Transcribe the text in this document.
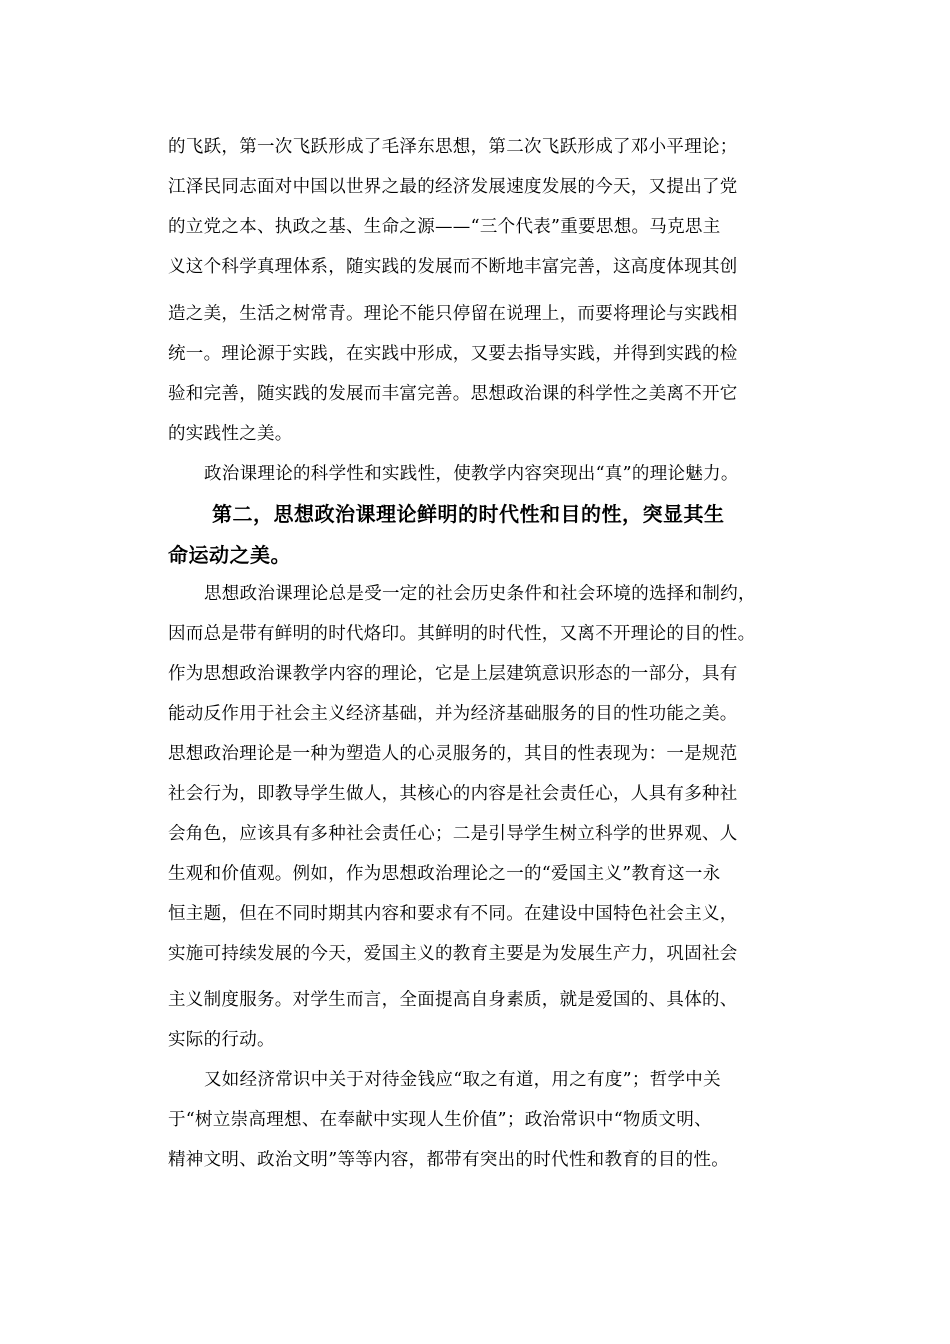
的飞跃，第一次飞跃形成了毛泽东思想，第二次飞跃形成了邓小平理论；
江泽民同志面对中国以世界之最的经济发展速度发展的今天，又提出了党
的立党之本、执政之基、生命之源——“三个代表”重要思想。马克思主
义这个科学真理体系，随实践的发展而不断地丰富完善，这高度体现其创
造之美，生活之树常青。理论不能只停留在说理上，而要将理论与实践相
统一。理论源于实践，在实践中形成，又要去指导实践，并得到实践的检
验和完善，随实践的发展而丰富完善。思想政治课的科学性之美离不开它
的实践性之美。
政治课理论的科学性和实践性，使教学内容突现出“真”的理论魅力。
第二，思想政治课理论鲜明的时代性和目的性，突显其生
命运动之美。
思想政治课理论总是受一定的社会历史条件和社会环境的选择和制约，
因而总是带有鲜明的时代烙印。其鲜明的时代性，又离不开理论的目的性。
作为思想政治课教学内容的理论，它是上层建筑意识形态的一部分，具有
能动反作用于社会主义经济基础，并为经济基础服务的目的性功能之美。
思想政治理论是一种为塑造人的心灵服务的，其目的性表现为：一是规范
社会行为，即教导学生做人，其核心的内容是社会责任心，人具有多种社
会角色，应该具有多种社会责任心；二是引导学生树立科学的世界观、人
生观和价值观。例如，作为思想政治理论之一的“爱国主义”教育这一永
恒主题，但在不同时期其内容和要求有不同。在建设中国特色社会主义，
实施可持续发展的今天，爱国主义的教育主要是为发展生产力，巩固社会
主义制度服务。对学生而言，全面提高自身素质，就是爱国的、具体的、
实际的行动。
又如经济常识中关于对待金钱应“取之有道，用之有度”；哲学中关
于“树立崇高理想、在奉献中实现人生价值”；政治常识中“物质文明、
精神文明、政治文明”等等内容，都带有突出的时代性和教育的目的性。
